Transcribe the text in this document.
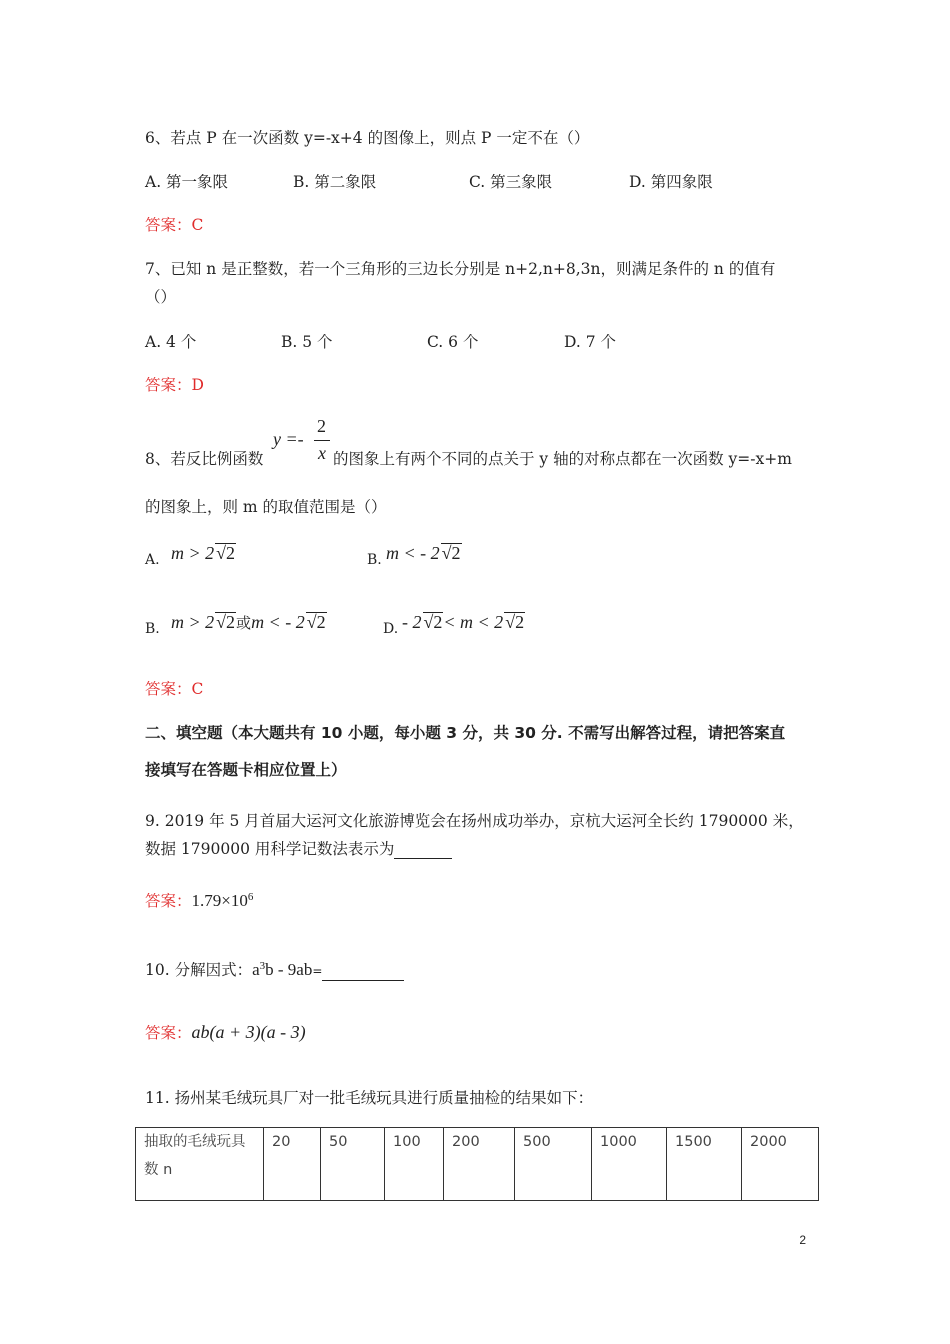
6、若点 P 在一次函数 y=-x+4 的图像上，则点 P 一定不在（）
A. 第一象限	B. 第二象限	C. 第三象限	D. 第四象限
答案：C
7、已知 n 是正整数，若一个三角形的三边长分别是 n+2,n+8,3n，则满足条件的 n 的值有
（）
A. 4 个	B. 5 个	C. 6 个	D. 7 个
答案：D
8、若反比例函数
y =-
2
x 的图象上有两个不同的点关于 y 轴的对称点都在一次函数 y=-x+m
的图象上，则 m 的取值范围是（）
A. m > 2 √2	B. m < - 2 √2
B. m > 2 √2或m < - 2 √2	D. - 2 √2< m < 2 √2
答案：C
二、填空题（本大题共有 10 小题，每小题 3 分，共 30 分. 不需写出解答过程，请把答案直
接填写在答题卡相应位置上）
9. 2019 年 5 月首届大运河文化旅游博览会在扬州成功举办，京杭大运河全长约 1790000 米，
数据 1790000 用科学记数法表示为
答案：$1.79\times 10^6$
10. 分解因式：$a^3b - 9ab=$
答案：ab(a + 3)(a - 3)
11. 扬州某毛绒玩具厂对一批毛绒玩具进行质量抽检的结果如下：
抽取的毛绒玩具数 n	20	50	100	200	500	1000	1500	2000
2
